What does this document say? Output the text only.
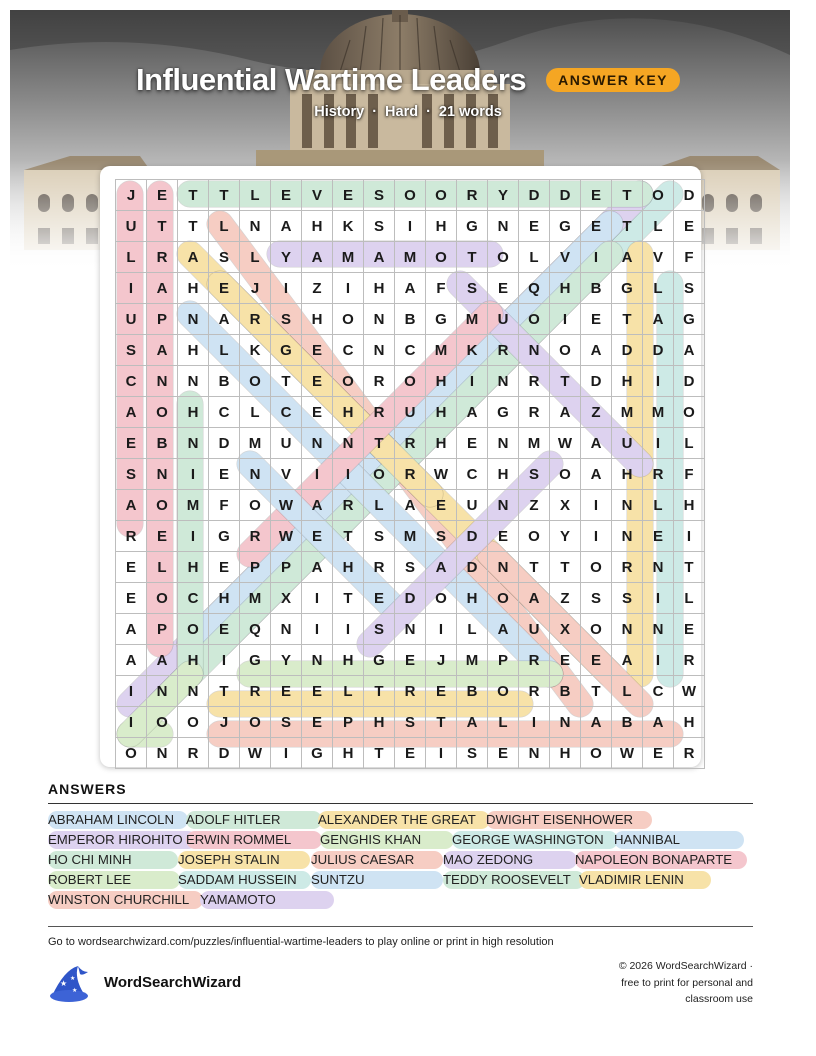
Influential Wartime Leaders ANSWER KEY
History · Hard · 21 words
J	E	T	T	L	E	V	E	S	O	O	R	Y	D	D	E	T	O	D
U	T	T	L	N	A	H	K	S	I	H	G	N	E	G	E	T	L	E
L	R	A	S	L	Y	A	M	A	M	O	T	O	L	V	I	A	V	F
I	A	H	E	J	I	Z	I	H	A	F	S	E	Q	H	B	G	L	S
U	P	N	A	R	S	H	O	N	B	G	M	U	O	I	E	T	A	G
S	A	H	L	K	G	E	C	N	C	M	K	R	N	O	A	D	D	A
C	N	N	B	O	T	E	O	R	O	H	I	N	R	T	D	H	I	D
A	O	H	C	L	C	E	H	R	U	H	A	G	R	A	Z	M	M	O
E	B	N	D	M	U	N	N	T	R	H	E	N	M	W	A	U	I	L
S	N	I	E	N	V	I	I	O	R	W	C	H	S	O	A	H	R	F
A	O	M	F	O	W	A	R	L	A	E	U	N	Z	X	I	N	L	H
R	E	I	G	R	W	E	T	S	M	S	D	E	O	Y	I	N	E	I
E	L	H	E	P	P	A	H	R	S	A	D	N	T	T	O	R	N	T
E	O	C	H	M	X	I	T	E	D	O	H	O	A	Z	S	S	I	L
A	P	O	E	Q	N	I	I	S	N	I	L	A	U	X	O	N	N	E
A	A	H	I	G	Y	N	H	G	E	J	M	P	R	E	E	A	I	R
I	N	N	T	R	E	E	L	T	R	E	B	O	R	B	T	L	C	W
I	O	O	J	O	S	E	P	H	S	T	A	L	I	N	A	B	A	H
O	N	R	D	W	I	G	H	T	E	I	S	E	N	H	O	W	E	R
ANSWERS
ABRAHAM LINCOLN ADOLF HITLER	ALEXANDER THE GREAT DWIGHT EISENHOWER
EMPEROR HIROHITO ERWIN ROMMEL	GENGHIS KHAN	GEORGE WASHINGTON HANNIBAL
HO CHI MINH	JOSEPH STALIN	JULIUS CAESAR	MAO ZEDONG	NAPOLEON BONAPARTE
ROBERT LEE	SADDAM HUSSEIN	SUNTZU	TEDDY ROOSEVELT VLADIMIR LENIN
WINSTON CHURCHILL YAMAMOTO
Go to wordsearchwizard.com/puzzles/influential-wartime-leaders to play online or print in high resolution
★
★
★ WordSearchWizard
© 2026 WordSearchWizard ·
free to print for personal and
classroom use
